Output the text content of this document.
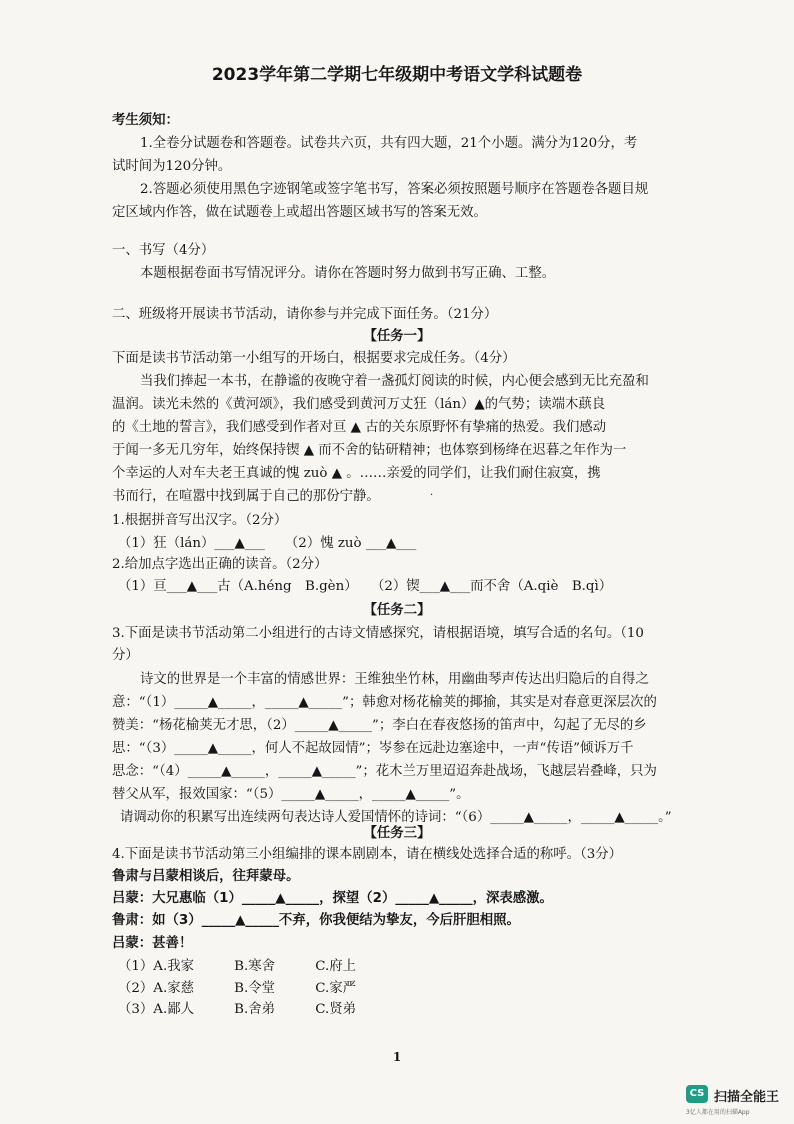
2023学年第二学期七年级期中考语文学科试题卷
考生须知：
1.全卷分试题卷和答题卷。试卷共六页，共有四大题，21个小题。满分为120分，考
试时间为120分钟。
2.答题必须使用黑色字迹钢笔或签字笔书写，答案必须按照题号顺序在答题卷各题目规
定区域内作答，做在试题卷上或超出答题区域书写的答案无效。
一、书写（4分）
本题根据卷面书写情况评分。请你在答题时努力做到书写正确、工整。
二、班级将开展读书节活动，请你参与并完成下面任务。（21分）
【任务一】
下面是读书节活动第一小组写的开场白，根据要求完成任务。（4分）
当我们捧起一本书，在静谧的夜晚守着一盏孤灯阅读的时候，内心便会感到无比充盈和
温润。读光未然的《黄河颂》，我们感受到黄河万丈狂（lán）▲的气势；读端木蕻良
的《土地的誓言》，我们感受到作者对亘 ▲ 古的关东原野怀有挚痛的热爱。我们感动
于闻一多无几穷年，始终保持锲 ▲ 而不舍的钻研精神；也体察到杨绛在迟暮之年作为一
个幸运的人对车夫老王真诚的愧 zuò ▲ 。……亲爱的同学们，让我们耐住寂寞，携
书而行，在喧嚣中找到属于自己的那份宁静。
1.根据拼音写出汉字。（2分）
（1）狂（lán）___▲___　　（2）愧 zuò ___▲___
2.给加点字选出正确的读音。（2分）
（1）亘___▲___古（A.héng　B.gèn）　　（2）锲___▲___而不舍（A.qiè　B.qì）
【任务二】
3.下面是读书节活动第二小组进行的古诗文情感探究，请根据语境，填写合适的名句。（10
分）
诗文的世界是一个丰富的情感世界：王维独坐竹林，用幽曲琴声传达出归隐后的自得之
意：“（1）_____▲_____，_____▲_____”；韩愈对杨花榆荚的揶揄，其实是对春意更深层次的
赞美：“杨花榆荚无才思，（2）_____▲_____”；李白在春夜悠扬的笛声中，勾起了无尽的乡
思：“（3）_____▲_____，何人不起故园情”；岑参在远赴边塞途中，一声“传语”倾诉万千
思念：“（4）_____▲_____，_____▲_____”；花木兰万里迢迢奔赴战场，飞越层岩叠峰，只为
替父从军，报效国家：“（5）_____▲_____，_____▲_____”。
请调动你的积累写出连续两句表达诗人爱国情怀的诗词：“（6）_____▲_____，_____▲_____。”
【任务三】
4.下面是读书节活动第三小组编排的课本剧剧本，请在横线处选择合适的称呼。（3分）
鲁肃与吕蒙相谈后，往拜蒙母。
吕蒙：大兄惠临（1）_____▲_____，探望（2）_____▲_____，深表感激。
鲁肃：如（3）_____▲_____不弃，你我便结为挚友，今后肝胆相照。
吕蒙：甚善！
（1）A.我家　　　B.寒舍　　　C.府上
（2）A.家慈　　　B.令堂　　　C.家严
（3）A.鄙人　　　B.舍弟　　　C.贤弟
·
1
CS 扫描全能王
3亿人都在用的扫描App
